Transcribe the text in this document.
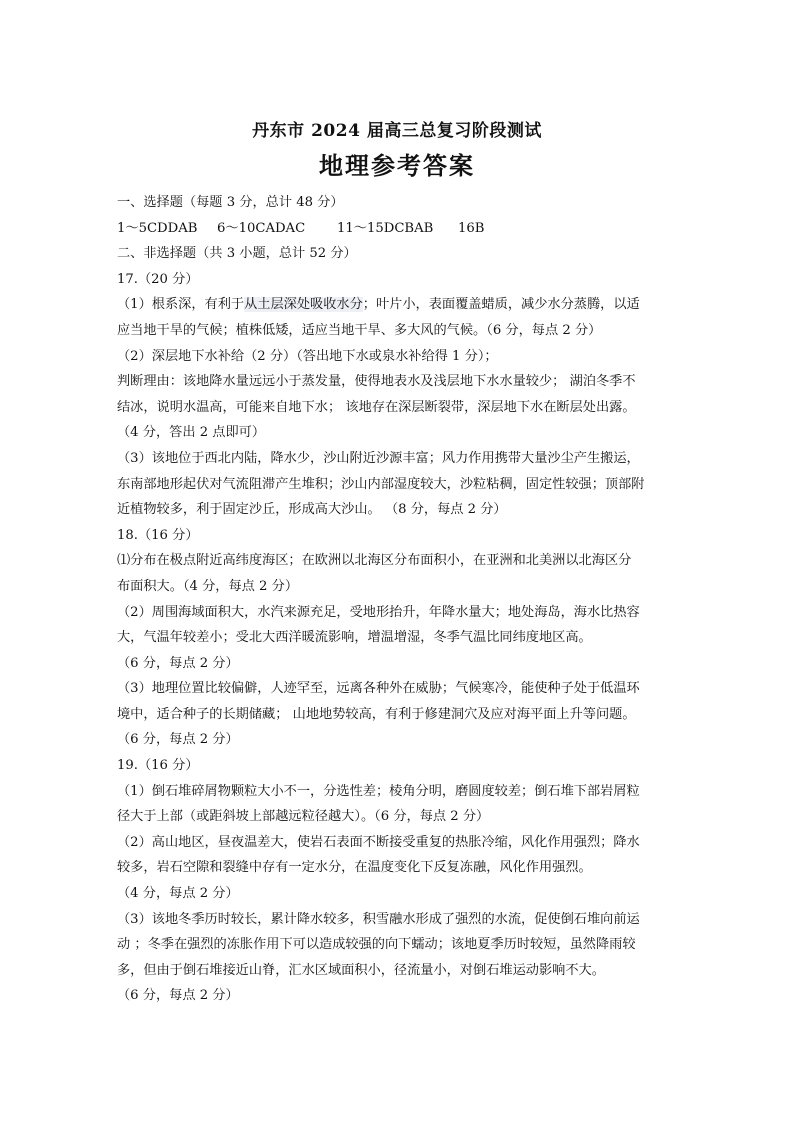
丹东市 2024 届高三总复习阶段测试
地理参考答案
一、选择题（每题 3 分，总计 48 分）
1～5CDDAB 6～10CADAC 11～15DCBAB 16B
二、非选择题（共 3 小题，总计 52 分）
17.（20 分）
（1）根系深，有利于从土层深处吸收水分；叶片小，表面覆盖蜡质，减少水分蒸腾，以适
应当地干旱的气候；植株低矮，适应当地干旱、多大风的气候。（6 分，每点 2 分）
（2）深层地下水补给（2 分）（答出地下水或泉水补给得 1 分）；
判断理由：该地降水量远远小于蒸发量，使得地表水及浅层地下水水量较少； 湖泊冬季不
结冰，说明水温高，可能来自地下水； 该地存在深层断裂带，深层地下水在断层处出露。
（4 分，答出 2 点即可）
（3）该地位于西北内陆，降水少，沙山附近沙源丰富；风力作用携带大量沙尘产生搬运，
东南部地形起伏对气流阻滞产生堆积；沙山内部湿度较大，沙粒粘稠，固定性较强；顶部附
近植物较多，利于固定沙丘，形成高大沙山。 （8 分，每点 2 分）
18.（16 分）
⑴分布在极点附近高纬度海区；在欧洲以北海区分布面积小，在亚洲和北美洲以北海区分
布面积大。（4 分，每点 2 分）
（2）周围海域面积大，水汽来源充足，受地形抬升，年降水量大；地处海岛，海水比热容
大，气温年较差小；受北大西洋暖流影响，增温增湿，冬季气温比同纬度地区高。
（6 分，每点 2 分）
（3）地理位置比较偏僻，人迹罕至，远离各种外在威胁；气候寒冷，能使种子处于低温环
境中，适合种子的长期储藏； 山地地势较高，有利于修建洞穴及应对海平面上升等问题。
（6 分，每点 2 分）
19.（16 分）
（1）倒石堆碎屑物颗粒大小不一，分选性差；棱角分明，磨圆度较差；倒石堆下部岩屑粒
径大于上部（或距斜坡上部越远粒径越大）。（6 分，每点 2 分）
（2）高山地区，昼夜温差大，使岩石表面不断接受重复的热胀冷缩，风化作用强烈；降水
较多，岩石空隙和裂缝中存有一定水分，在温度变化下反复冻融，风化作用强烈。
（4 分，每点 2 分）
（3）该地冬季历时较长，累计降水较多，积雪融水形成了强烈的水流，促使倒石堆向前运
动 ；冬季在强烈的冻胀作用下可以造成较强的向下蠕动；该地夏季历时较短，虽然降雨较
多，但由于倒石堆接近山脊，汇水区域面积小，径流量小，对倒石堆运动影响不大。
（6 分，每点 2 分）
